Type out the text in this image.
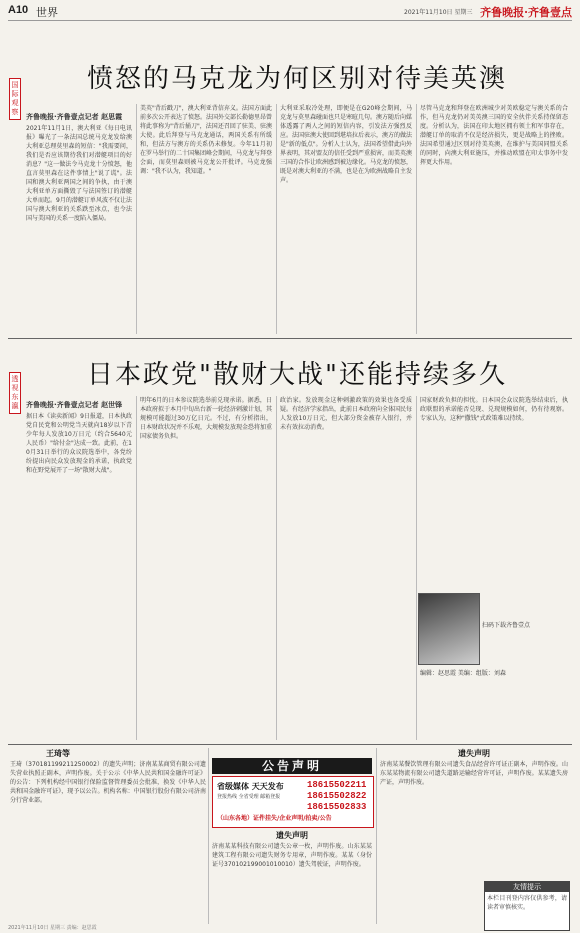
A10 世界	2021年11月10日 星期三 齐鲁晚报·齐鲁壹点
国际观察
愤怒的马克龙为何区别对待美英澳
齐鲁晚报·齐鲁壹点记者 赵思霞
2021年11月1日，澳大利亚《每日电讯报》曝光了一条法国总统马克龙发给澳大利亚总理莫里森的短信："我需要问，我们是否应该期待我们对潜艇项目的好消息？"这一做法令马克龙十分愤怒，他直言莫里森在这件事情上"说了谎"。法国和澳大利亚两国之间的争执，由于澳大利亚单方面撕毁了与法国签订的潜艇大单而起。9月的潜艇订单风波不仅让法国与澳大利亚的关系跌至冰点，也令法国与美国的关系一度陷入僵局。
美英"背后戳刀"，澳大利亚背信弃义。法国方面此前多次公开表达了愤怒。法国外交部长勒德里昂曾将此事称为"背后捅刀"，法国还召回了驻美、驻澳大使。此后拜登与马克龙通话，两国关系有所缓和，但法方与澳方的关系仍未修复。今年11月初在罗马举行的二十国集团峰会期间，马克龙与拜登会面，而莫里森则被马克龙公开批评。马克龙强调："我不认为，我知道。"
大利亚采取冷处理，即便是在G20峰会期间，马克龙与莫里森碰面也只是寒暄几句。澳方随后向媒体透露了两人之间的短信内容，引发法方强烈反应。法国驻澳大使回到堪培拉后表示，澳方的做法是"新的低点"。分析人士认为，法国希望借此向外界表明，其对盟友的信任受到严重损害，而美英澳三国的合作让欧洲感到被边缘化。马克龙的愤怒，既是对澳大利亚的不满，也是在为欧洲战略自主发声。
尽管马克龙和拜登在欧洲城少对美欧稳定与澳关系的合作，但马克龙仍对美英澳三国的安全伙伴关系持保留态度。分析认为，法国在印太地区拥有领土和军事存在，潜艇订单的取消不仅是经济损失，更是战略上的挫败。法国希望通过区别对待美英澳，在维护与美国同盟关系的同时，向澳大利亚施压，并推动欧盟在印太事务中发挥更大作用。
透视东瀛
日本政党"散财大战"还能持续多久
齐鲁晚报·齐鲁壹点记者 赵世锋
据日本《读卖新闻》9日报道，日本执政党自民党和公明党当天就向18岁以下青少年每人发放10万日元（约合5640元人民币）"给付金"达成一致。此前，在10月31日举行的众议院选举中，各党纷纷提出向民众发放现金的承诺，执政党和在野党展开了一场"散财大战"。
明年6月的日本参议院选举前兑现承诺。据悉，日本政府拟于本月中旬出台新一轮经济刺激计划，其规模可能超过30万亿日元。不过，有分析指出，日本财政状况并不乐观，大规模发放现金恐将加重国家债务负担。
政治家。发放现金这种刺激政策的效果也备受质疑。有经济学家指出，此前日本政府向全体国民每人发放10万日元，但大部分资金被存入银行，并未有效拉动消费。
国家财政负担的担忧。日本国会众议院选举结束后，执政联盟的承诺能否兑现、兑现规模如何，仍有待观察。专家认为，这种"撒钱"式政策难以持续。
扫码下载齐鲁壹点
编辑：赵思霞 美编：组版：刘森
王琦等
王琦（370181199211250002）的遗失声明；济南某某商贸有限公司遗失营业执照正副本，声明作废。关于公示《中华人民共和国金融许可证》的公告：下列机构经中国银行保险监督管理委员会批准，换发《中华人民共和国金融许可证》，现予以公告。机构名称：中国银行股份有限公司济南分行营业部。
公告声明
省级媒体 天天发布
登报热线 全省受理 邮箱登报
（山东各地）证件挂失/企业声明/拍卖/公告
18615502211
18615502822
18615502833
遗失声明
济南某某科技有限公司遗失公章一枚，声明作废。山东某某建筑工程有限公司遗失财务专用章，声明作废。某某（身份证号370102199001010010）遗失驾驶证，声明作废。
遗失声明
济南某某餐饮管理有限公司遗失食品经营许可证正副本，声明作废。山东某某物流有限公司遗失道路运输经营许可证，声明作废。某某遗失房产证，声明作废。
友情提示
本栏目刊登内容仅供参考，请读者审慎核实。
2021年11月10日 星期三 责编：赵思霞
